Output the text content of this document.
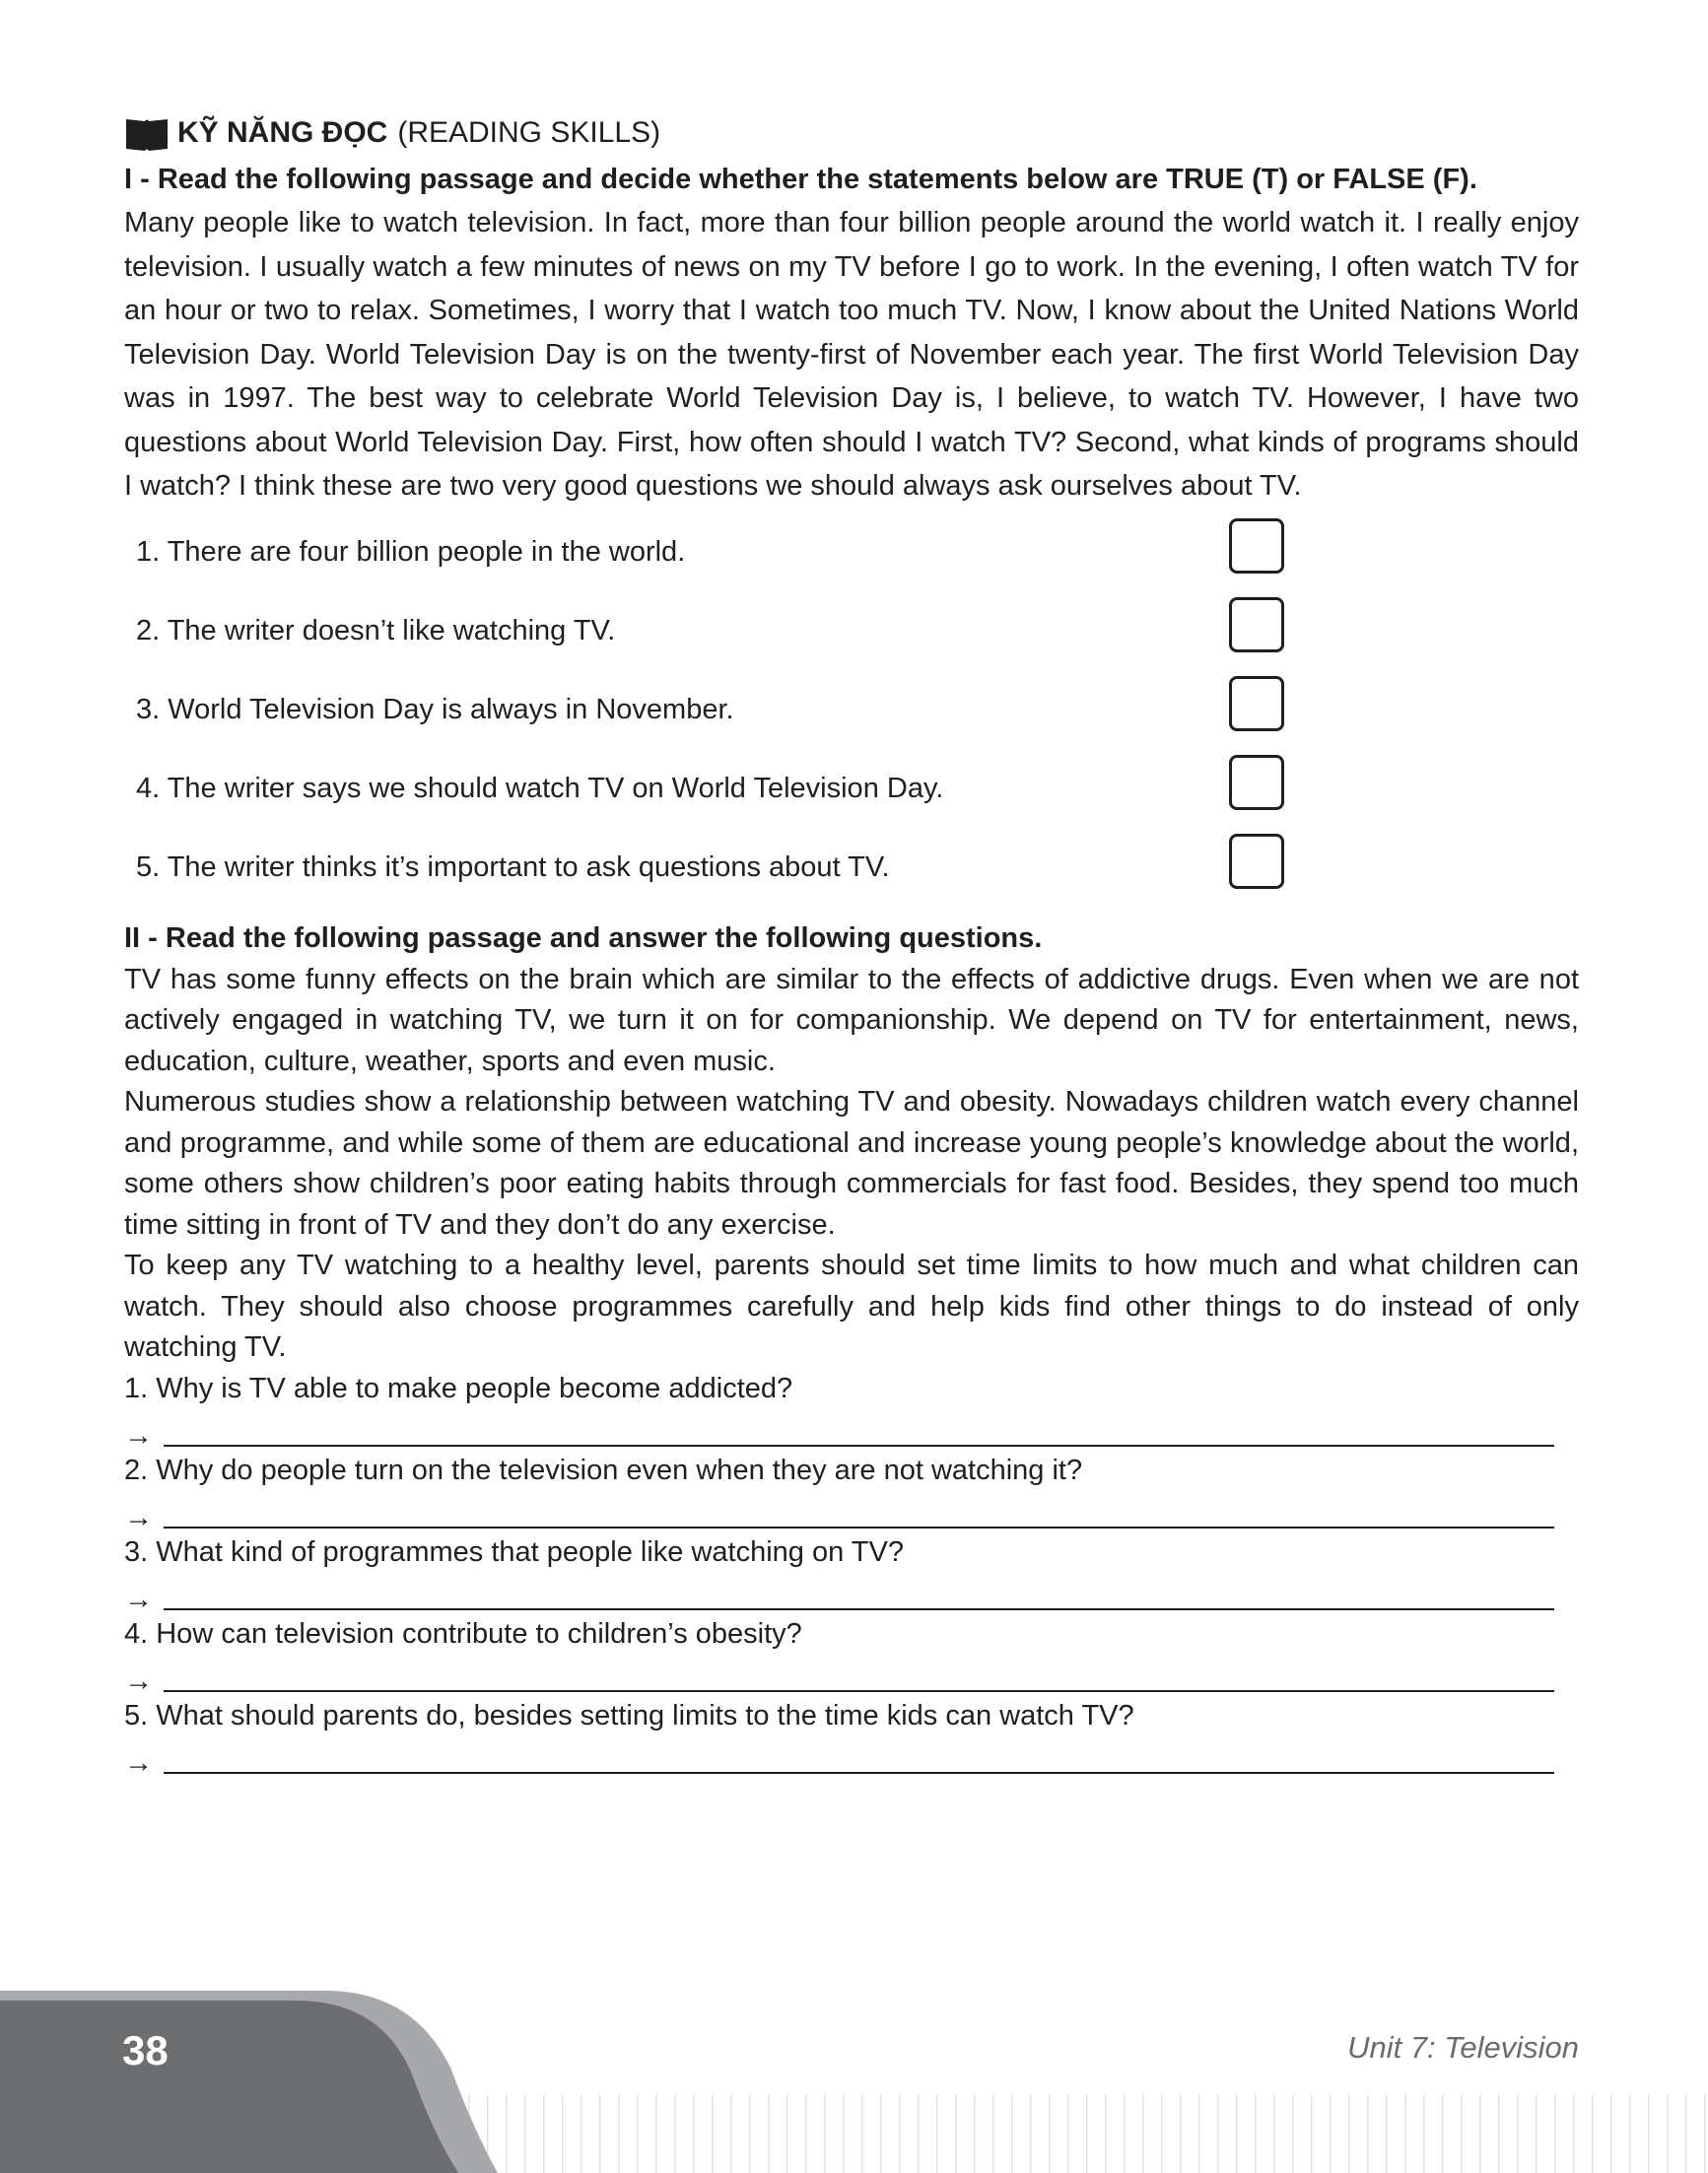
KỸ NĂNG ĐỌC (READING SKILLS)
I - Read the following passage and decide whether the statements below are TRUE (T) or FALSE (F).

Many people like to watch television. In fact, more than four billion people around the world watch it. I really enjoy television. I usually watch a few minutes of news on my TV before I go to work. In the evening, I often watch TV for an hour or two to relax. Sometimes, I worry that I watch too much TV. Now, I know about the United Nations World Television Day. World Television Day is on the twenty-first of November each year. The first World Television Day was in 1997. The best way to celebrate World Television Day is, I believe, to watch TV. However, I have two questions about World Television Day. First, how often should I watch TV? Second, what kinds of programs should I watch? I think these are two very good questions we should always ask ourselves about TV.

1. There are four billion people in the world.
2. The writer doesn’t like watching TV.
3. World Television Day is always in November.
4. The writer says we should watch TV on World Television Day.
5. The writer thinks it’s important to ask questions about TV.
II - Read the following passage and answer the following questions.

TV has some funny effects on the brain which are similar to the effects of addictive drugs. Even when we are not actively engaged in watching TV, we turn it on for companionship. We depend on TV for entertainment, news, education, culture, weather, sports and even music.

Numerous studies show a relationship between watching TV and obesity. Nowadays children watch every channel and programme, and while some of them are educational and increase young people’s knowledge about the world, some others show children’s poor eating habits through commercials for fast food. Besides, they spend too much time sitting in front of TV and they don’t do any exercise.

To keep any TV watching to a healthy level, parents should set time limits to how much and what children can watch. They should also choose programmes carefully and help kids find other things to do instead of only watching TV.

1. Why is TV able to make people become addicted?
→
2. Why do people turn on the television even when they are not watching it?
→
3. What kind of programmes that people like watching on TV?
→
4. How can television contribute to children’s obesity?
→
5. What should parents do, besides setting limits to the time kids can watch TV?
→
38	Unit 7: Television
